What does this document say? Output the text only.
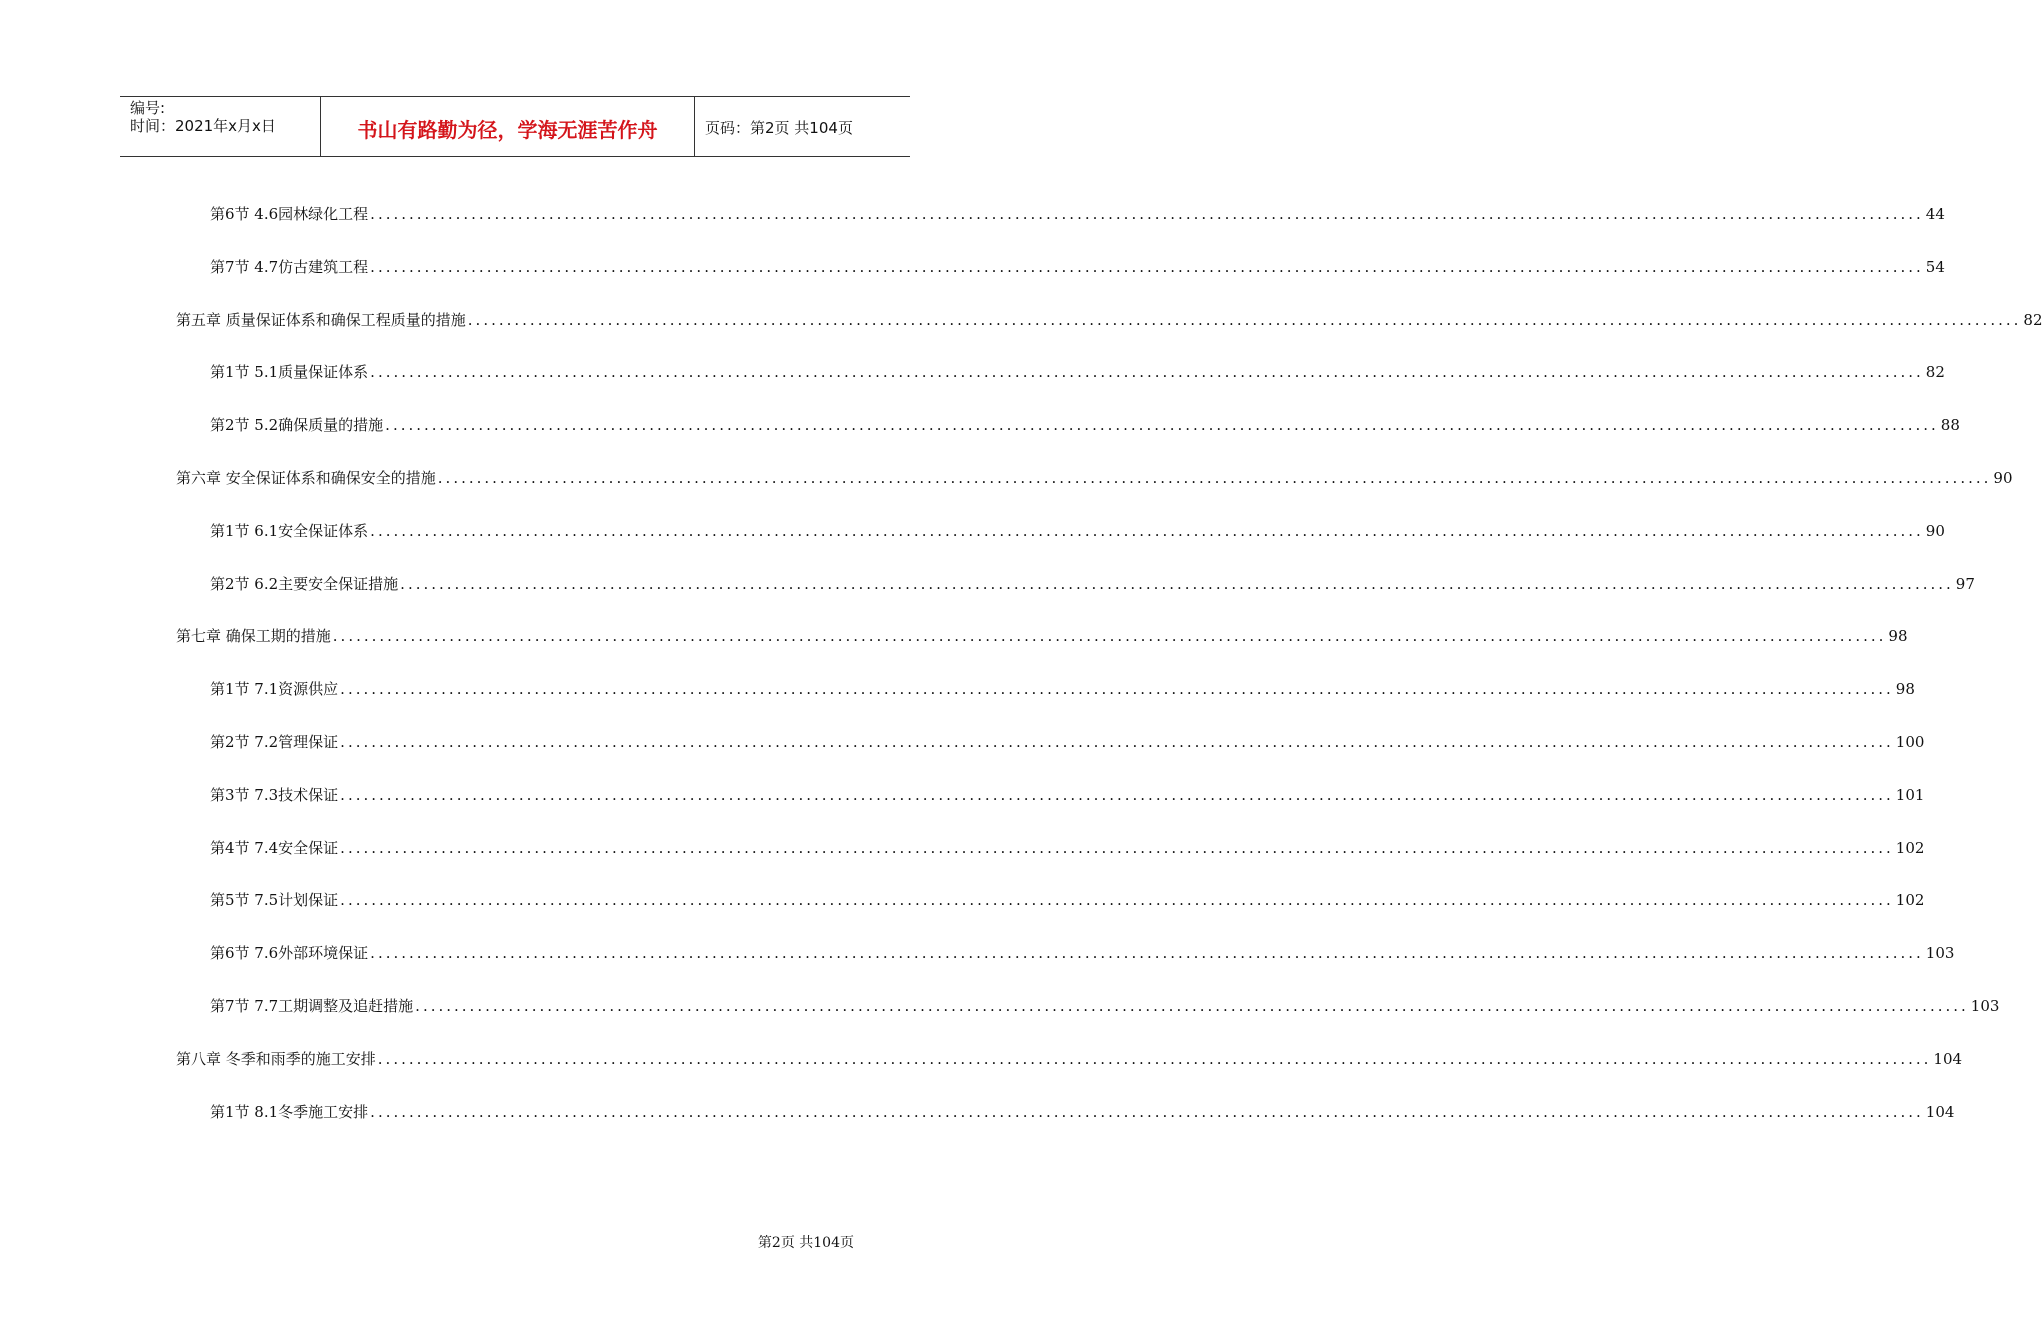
编号:
时间：2021年x月x日	书山有路勤为径，学海无涯苦作舟	页码：第2页 共104页
第6节 4.6园林绿化工程 ........................................................................................................................................................................................................ 44
第7节 4.7仿古建筑工程 ........................................................................................................................................................................................................ 54
第五章 质量保证体系和确保工程质量的措施 ........................................................................................................................................................................................................ 82
第1节 5.1质量保证体系 ........................................................................................................................................................................................................ 82
第2节 5.2确保质量的措施 ........................................................................................................................................................................................................ 88
第六章 安全保证体系和确保安全的措施 ........................................................................................................................................................................................................ 90
第1节 6.1安全保证体系 ........................................................................................................................................................................................................ 90
第2节 6.2主要安全保证措施 ........................................................................................................................................................................................................ 97
第七章 确保工期的措施 ........................................................................................................................................................................................................ 98
第1节 7.1资源供应 ........................................................................................................................................................................................................ 98
第2节 7.2管理保证 ........................................................................................................................................................................................................ 100
第3节 7.3技术保证 ........................................................................................................................................................................................................ 101
第4节 7.4安全保证 ........................................................................................................................................................................................................ 102
第5节 7.5计划保证 ........................................................................................................................................................................................................ 102
第6节 7.6外部环境保证 ........................................................................................................................................................................................................ 103
第7节 7.7工期调整及追赶措施 ........................................................................................................................................................................................................ 103
第八章 冬季和雨季的施工安排 ........................................................................................................................................................................................................ 104
第1节 8.1冬季施工安排 ........................................................................................................................................................................................................ 104
第2页 共104页
